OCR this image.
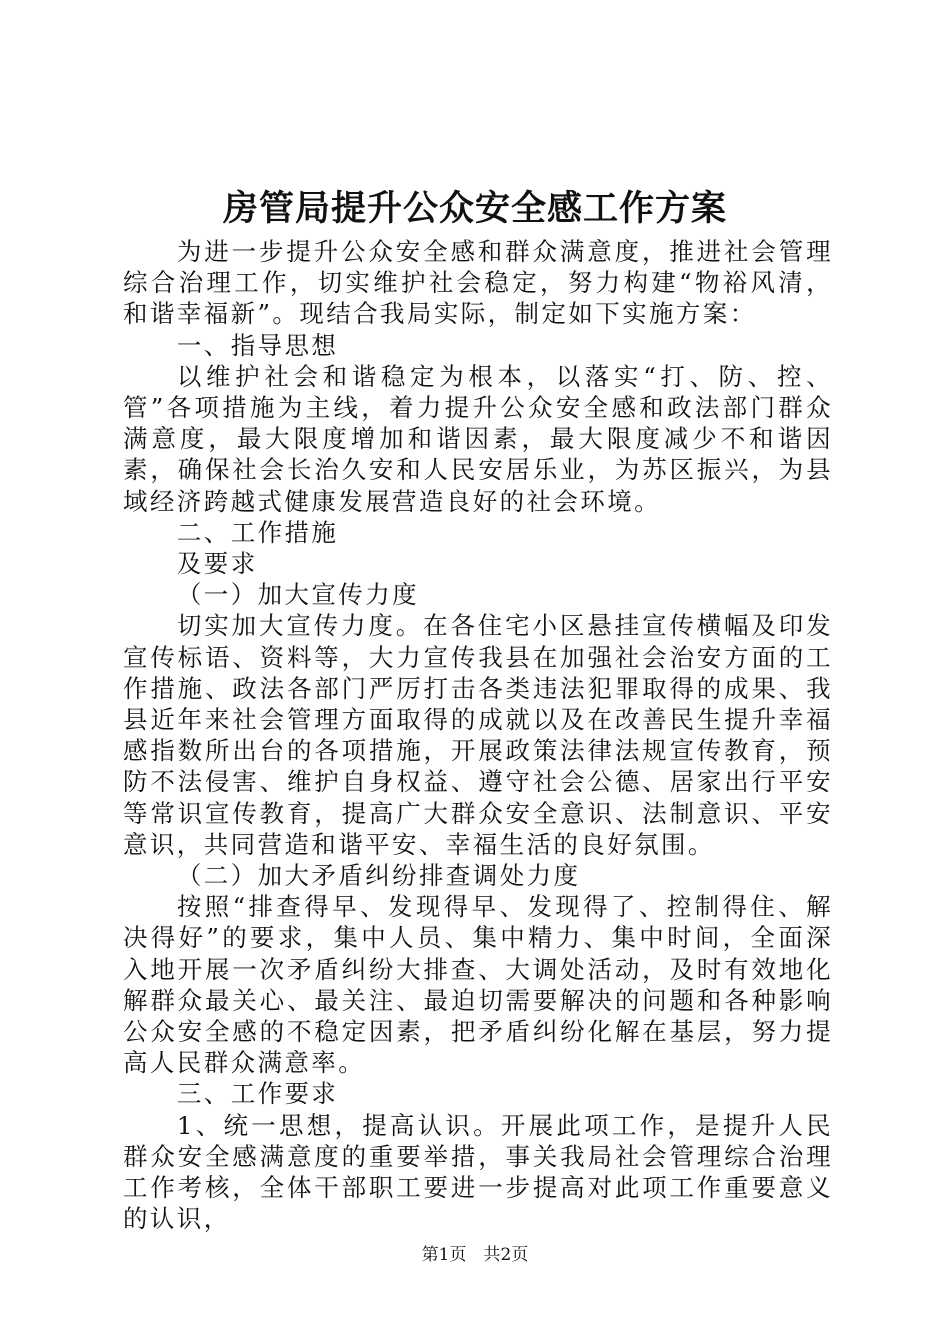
房管局提升公众安全感工作方案

为进一步提升公众安全感和群众满意度，推进社会管理综合治理工作，切实维护社会稳定，努力构建“物裕风清，和谐幸福新”。现结合我局实际，制定如下实施方案：

一、指导思想

以维护社会和谐稳定为根本，以落实“打、防、控、管”各项措施为主线，着力提升公众安全感和政法部门群众满意度，最大限度增加和谐因素，最大限度减少不和谐因素，确保社会长治久安和人民安居乐业，为苏区振兴，为县域经济跨越式健康发展营造良好的社会环境。

二、工作措施

及要求

（一）加大宣传力度

切实加大宣传力度。在各住宅小区悬挂宣传横幅及印发宣传标语、资料等，大力宣传我县在加强社会治安方面的工作措施、政法各部门严厉打击各类违法犯罪取得的成果、我县近年来社会管理方面取得的成就以及在改善民生提升幸福感指数所出台的各项措施，开展政策法律法规宣传教育，预防不法侵害、维护自身权益、遵守社会公德、居家出行平安等常识宣传教育，提高广大群众安全意识、法制意识、平安意识，共同营造和谐平安、幸福生活的良好氛围。

（二）加大矛盾纠纷排查调处力度

按照“排查得早、发现得早、发现得了、控制得住、解决得好”的要求，集中人员、集中精力、集中时间，全面深入地开展一次矛盾纠纷大排查、大调处活动，及时有效地化解群众最关心、最关注、最迫切需要解决的问题和各种影响公众安全感的不稳定因素，把矛盾纠纷化解在基层，努力提高人民群众满意率。

三、工作要求

1、统一思想，提高认识。开展此项工作，是提升人民群众安全感满意度的重要举措，事关我局社会管理综合治理工作考核，全体干部职工要进一步提高对此项工作重要意义的认识，

第1页  共2页
